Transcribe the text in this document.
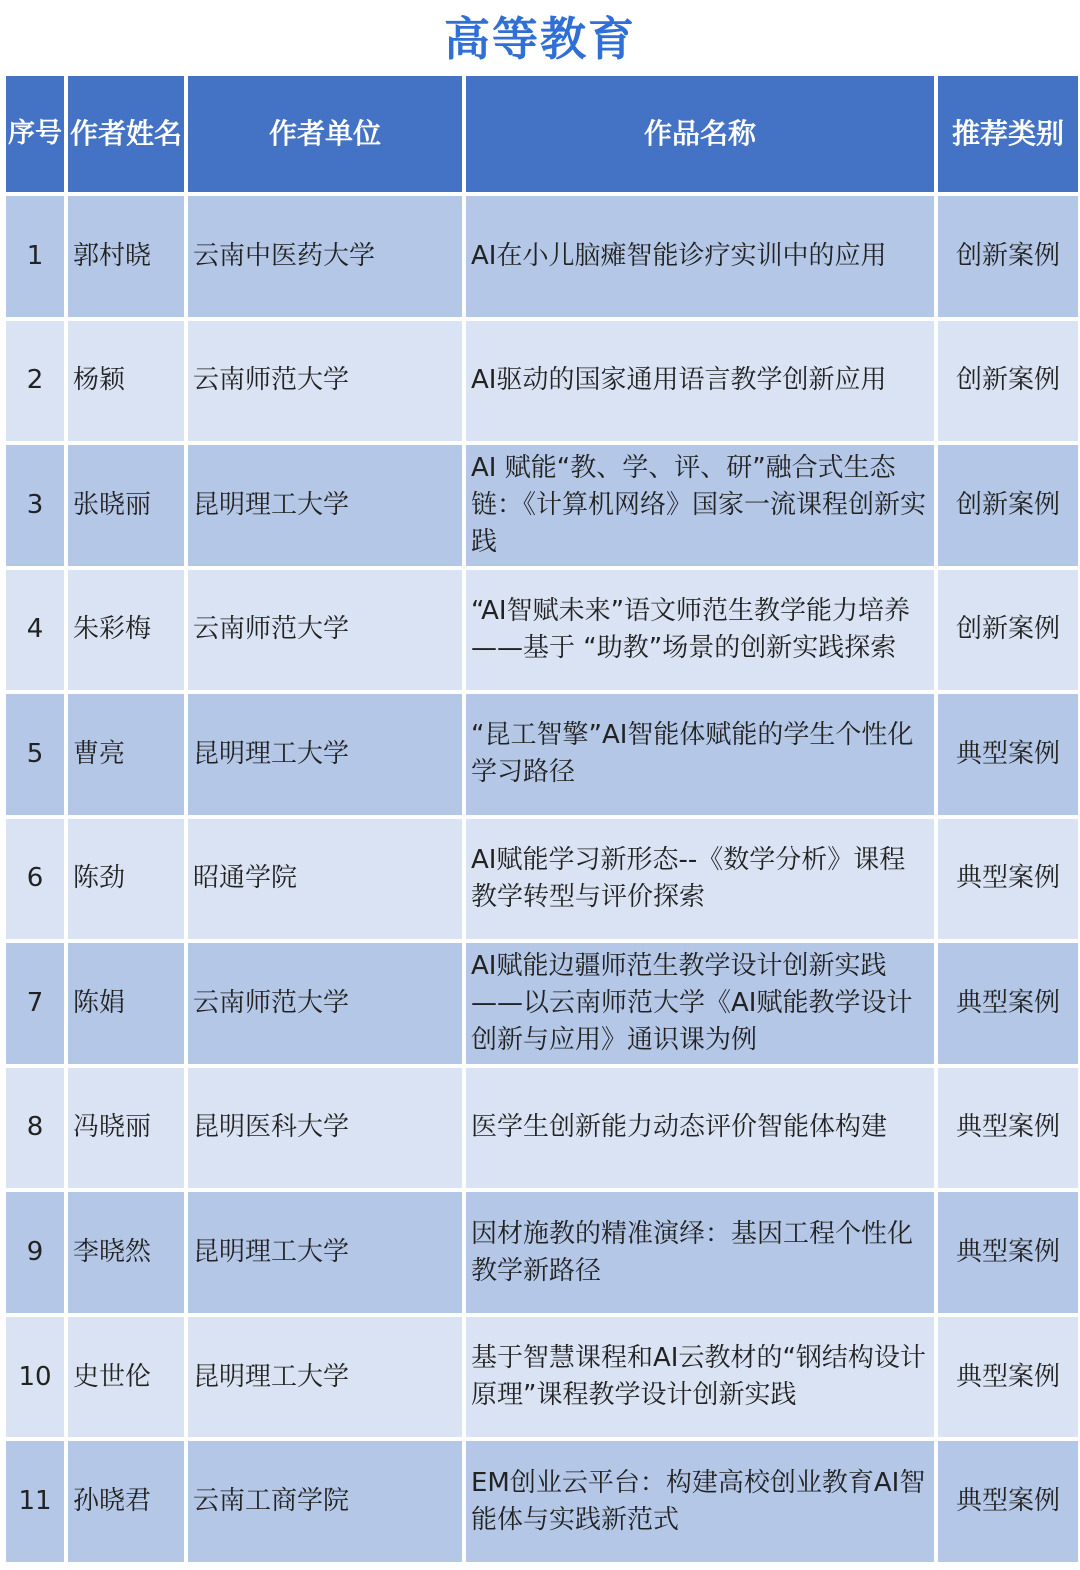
高等教育
序号	作者姓名	作者单位	作品名称	推荐类别
1	郭村晓	云南中医药大学	AI在小儿脑瘫智能诊疗实训中的应用	创新案例
2	杨颖	云南师范大学	AI驱动的国家通用语言教学创新应用	创新案例
3	张晓丽	昆明理工大学	AI 赋能“教、学、评、研”融合式生态链：《计算机网络》国家一流课程创新实践	创新案例
4	朱彩梅	云南师范大学	“AI智赋未来”语文师范生教学能力培养——基于 “助教”场景的创新实践探索	创新案例
5	曹亮	昆明理工大学	“昆工智擎”AI智能体赋能的学生个性化学习路径	典型案例
6	陈劲	昭通学院	AI赋能学习新形态--《数学分析》课程教学转型与评价探索	典型案例
7	陈娟	云南师范大学	AI赋能边疆师范生教学设计创新实践——以云南师范大学《AI赋能教学设计创新与应用》通识课为例	典型案例
8	冯晓丽	昆明医科大学	医学生创新能力动态评价智能体构建	典型案例
9	李晓然	昆明理工大学	因材施教的精准演绎：基因工程个性化教学新路径	典型案例
10	史世伦	昆明理工大学	基于智慧课程和AI云教材的“钢结构设计原理”课程教学设计创新实践	典型案例
11	孙晓君	云南工商学院	EM创业云平台：构建高校创业教育AI智能体与实践新范式	典型案例
